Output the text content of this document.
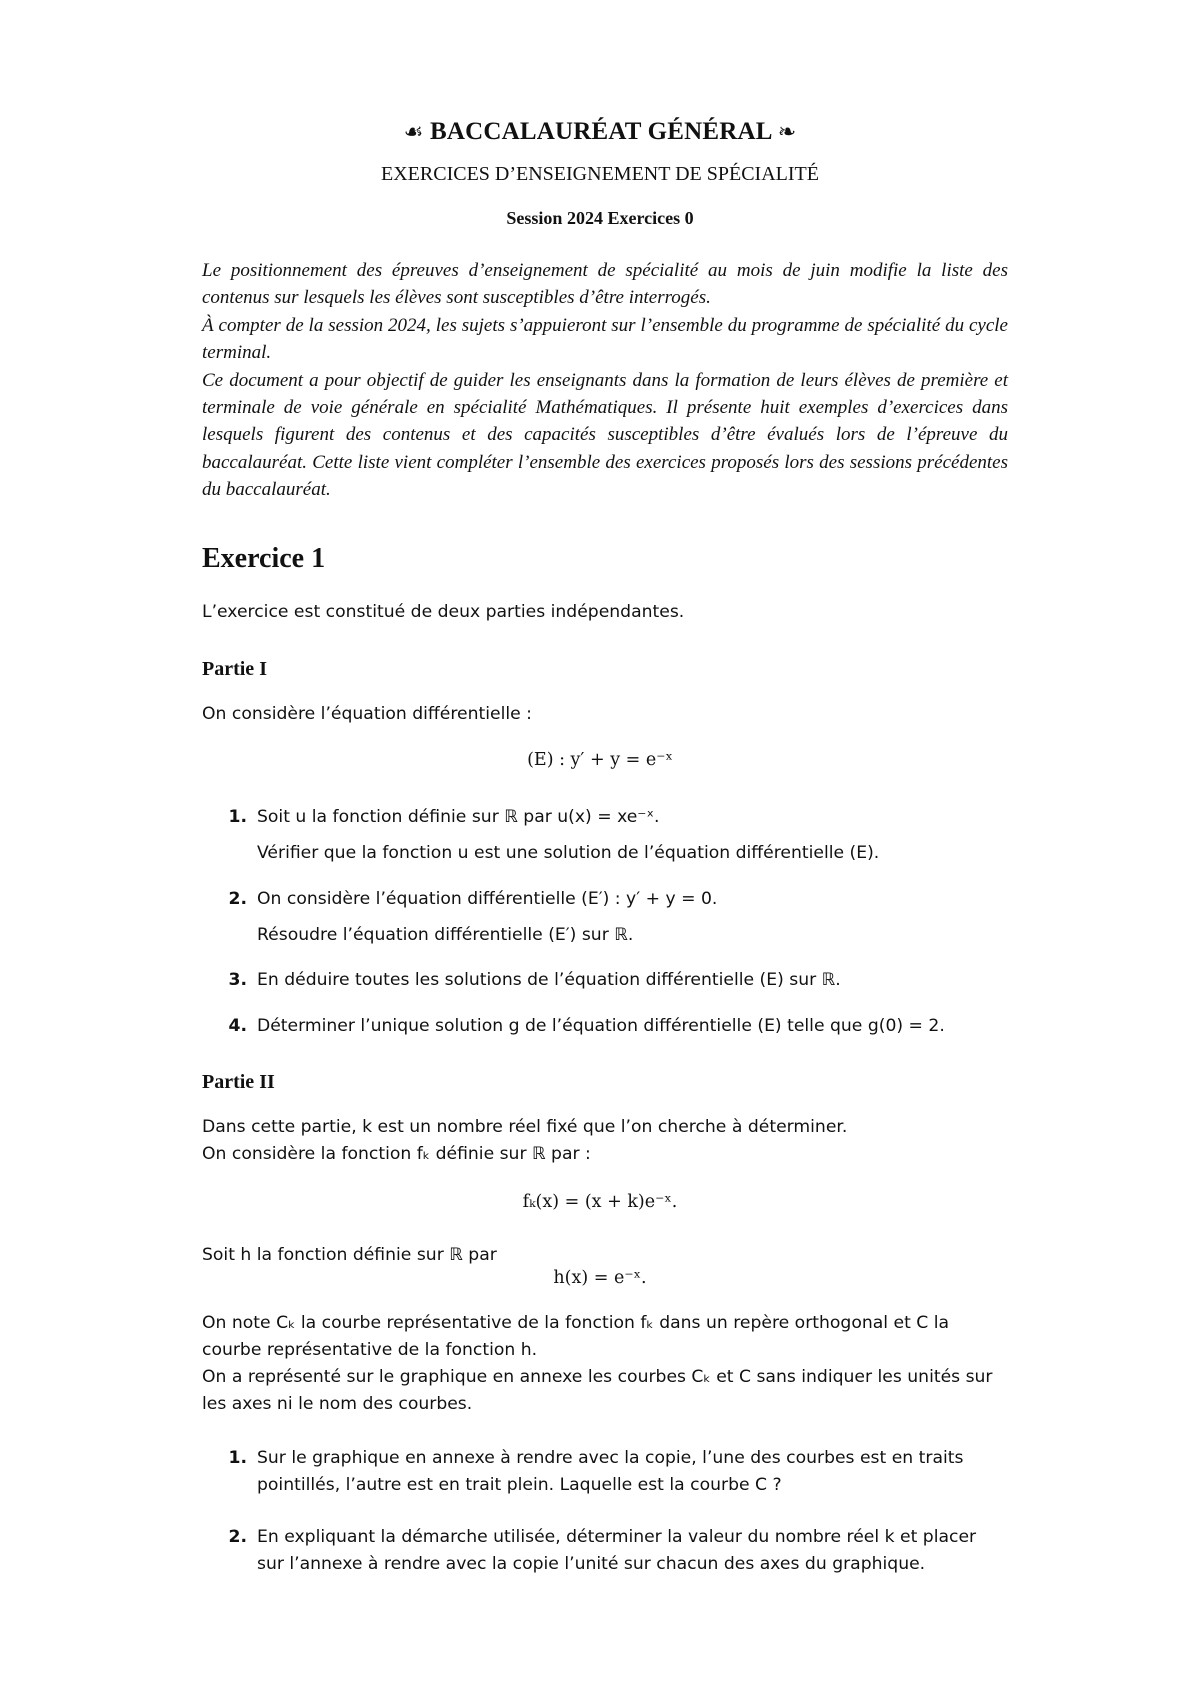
☙ BACCALAURÉAT GÉNÉRAL ❧
EXERCICES D’ENSEIGNEMENT DE SPÉCIALITÉ
Session 2024 Exercices 0

Le positionnement des épreuves d’enseignement de spécialité au mois de juin modifie la liste des contenus sur lesquels les élèves sont susceptibles d’être interrogés.

À compter de la session 2024, les sujets s’appuieront sur l’ensemble du programme de spécialité du cycle terminal.

Ce document a pour objectif de guider les enseignants dans la formation de leurs élèves de première et terminale de voie générale en spécialité Mathématiques. Il présente huit exemples d’exercices dans lesquels figurent des contenus et des capacités susceptibles d’être évalués lors de l’épreuve du baccalauréat. Cette liste vient compléter l’ensemble des exercices proposés lors des sessions précédentes du baccalauréat.

Exercice 1
L’exercice est constitué de deux parties indépendantes.
Partie I
On considère l’équation différentielle :
(E) : y′ + y = e⁻ˣ
1. Soit u la fonction définie sur ℝ par u(x) = xe⁻ˣ.
Vérifier que la fonction u est une solution de l’équation différentielle (E).
2. On considère l’équation différentielle (E′) : y′ + y = 0.
Résoudre l’équation différentielle (E′) sur ℝ.
3. En déduire toutes les solutions de l’équation différentielle (E) sur ℝ.
4. Déterminer l’unique solution g de l’équation différentielle (E) telle que g(0) = 2.
Partie II
Dans cette partie, k est un nombre réel fixé que l’on cherche à déterminer.
On considère la fonction fₖ définie sur ℝ par :
fₖ(x) = (x + k)e⁻ˣ.
Soit h la fonction définie sur ℝ par
h(x) = e⁻ˣ.
On note Cₖ la courbe représentative de la fonction fₖ dans un repère orthogonal et C la courbe représentative de la fonction h.
On a représenté sur le graphique en annexe les courbes Cₖ et C sans indiquer les unités sur les axes ni le nom des courbes.
1. Sur le graphique en annexe à rendre avec la copie, l’une des courbes est en traits pointillés, l’autre est en trait plein. Laquelle est la courbe C ?
2. En expliquant la démarche utilisée, déterminer la valeur du nombre réel k et placer sur l’annexe à rendre avec la copie l’unité sur chacun des axes du graphique.
